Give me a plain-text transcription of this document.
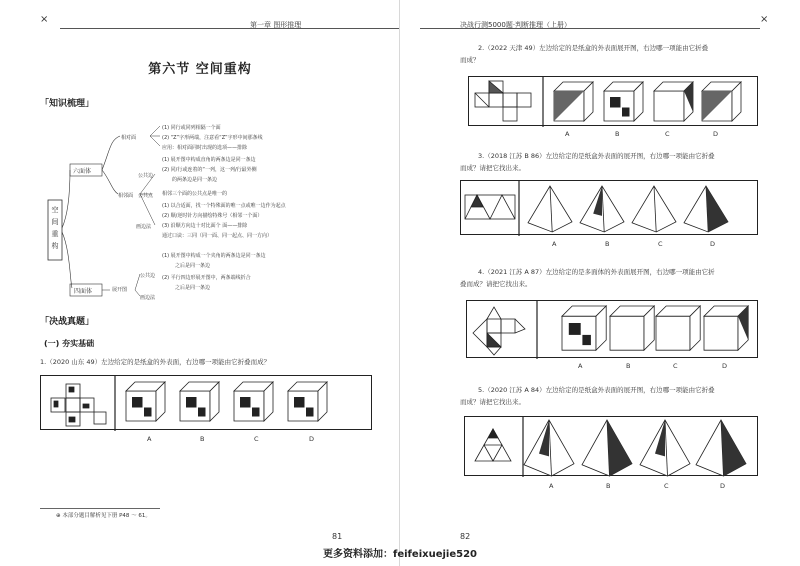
×	第一章 图形推理
第六节 空间重构
「知识梳理」
空间重构
六面体
四面体
相对面
相邻面
公共边
公共点
画边法
(1) 同行或同列相隔一个面
(2) “Z”字形两端，注意看“Z”字形中间那条线
应用：相对面同时出现的选项——排除
(1) 展开图中构成直角的两条边是同一条边
(2) 同/行或连着的“一列，这一列/行最外侧
的两条边是同一条边
相邻三个面的公共点是唯一的
(1) 以合适面，找一个特殊面的唯一点或唯一边作为起点
(2) 顺/逆时针方向描绘特殊号（相邻一个面）
(3) 沿顺方向边十对比面个 面——排除
通过口诀：三同（同一面、同一起点、同一方向）
展开图
公共边
画边法
(1) 展开图中构成一个夹角的两条边是同一条边
之后是同一条边
(2) 平行四边形展开图中，两条端线折合
之后是同一条边
「决战真题」
(一) 夯实基础
1.（2020 山东 49）左边给定的是纸盒的外表面，右边哪一项能由它折叠而成？
A	B	C	D
⊕ 本部分题目解析见下册 P48 ～ 61。
81
决战行测5000题·判断推理（上册）	×
2.（2022 天津 49）左边给定的是纸盒的外表面展开图，右边哪一项能由它折叠
而成？
A	B	C	D
3.（2018 江苏 B 86）左边给定的是纸盒外表面的展开图，右边哪一项能由它折叠
而成？请把它找出来。
A	B	C	D
4.（2021 江苏 A 87）左边给定的是多面体的外表面展开图，右边哪一项能由它折
叠而成？请把它找出来。
A	B	C	D
5.（2020 江苏 A 84）左边给定的是纸盒外表面的展开图，右边哪一项能由它折叠
而成？请把它找出来。
A	B	C	D
82
更多资料添加：feifeixuejie520
